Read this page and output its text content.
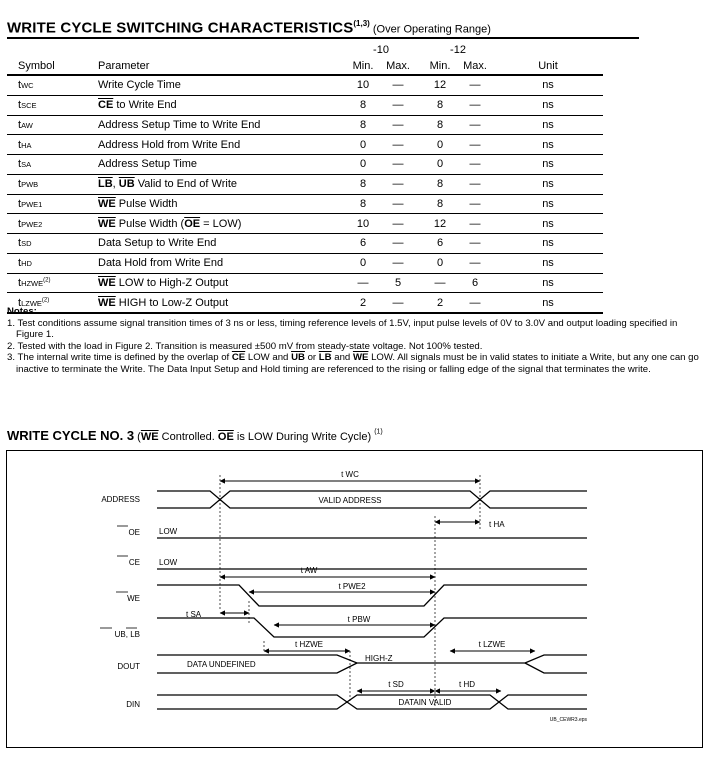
WRITE CYCLE SWITCHING CHARACTERISTICS$^{(1,3)}$ (Over Operating Range)
		-10			-12		
Symbol	Parameter	Min.	Max.		Min.	Max.	Unit
tWC	Write Cycle Time	10	—		12	—	ns
tSCE	$\overline{CE}$ to Write End	8	—		8	—	ns
tAW	Address Setup Time to Write End	8	—		8	—	ns
tHA	Address Hold from Write End	0	—		0	—	ns
tSA	Address Setup Time	0	—		0	—	ns
tPWB	$\overline{LB}$, $\overline{UB}$ Valid to End of Write	8	—		8	—	ns
tPWE1	$\overline{WE}$ Pulse Width	8	—		8	—	ns
tPWE2	$\overline{WE}$ Pulse Width $(\overline{OE} = LOW)$	10	—		12	—	ns
tSD	Data Setup to Write End	6	—		6	—	ns
tHD	Data Hold from Write End	0	—		0	—	ns
tHZWE$^{(2)}$	$\overline{WE}$ LOW to High-Z Output	—	5		—	6	ns
tLZWE$^{(2)}$	$\overline{WE}$ HIGH to Low-Z Output	2	—		2	—	ns
Notes:
1. Test conditions assume signal transition times of 3 ns or less, timing reference levels of 1.5V, input pulse levels of 0V to 3.0V and output loading specified in Figure 1.
2. Tested with the load in Figure 2. Transition is measured ±500 mV from steady-state voltage. Not 100% tested.
3. The internal write time is defined by the overlap of $\overline{CE}$ LOW and $\overline{UB}$ or $\overline{LB}$ and $\overline{WE}$ LOW. All signals must be in valid states to initiate a Write, but any one can go inactive to terminate the Write. The Data Input Setup and Hold timing are referenced to the rising or falling edge of the signal that terminates the write.
WRITE CYCLE NO. 3 ($\overline{WE}$ Controlled. $\overline{OE}$ is LOW During Write Cycle) $^{(1)}$
ADDRESS
OE
CE
WE
UB, LB
DOUT
DIN
LOW
LOW
VALID ADDRESS
DATA UNDEFINED
HIGH-Z
DATAIN VALID
t WC
t HA
t AW
t PWE2
t SA
t PBW
t HZWE	t LZWE
t SD	t HD
UB_CEWR3.eps
